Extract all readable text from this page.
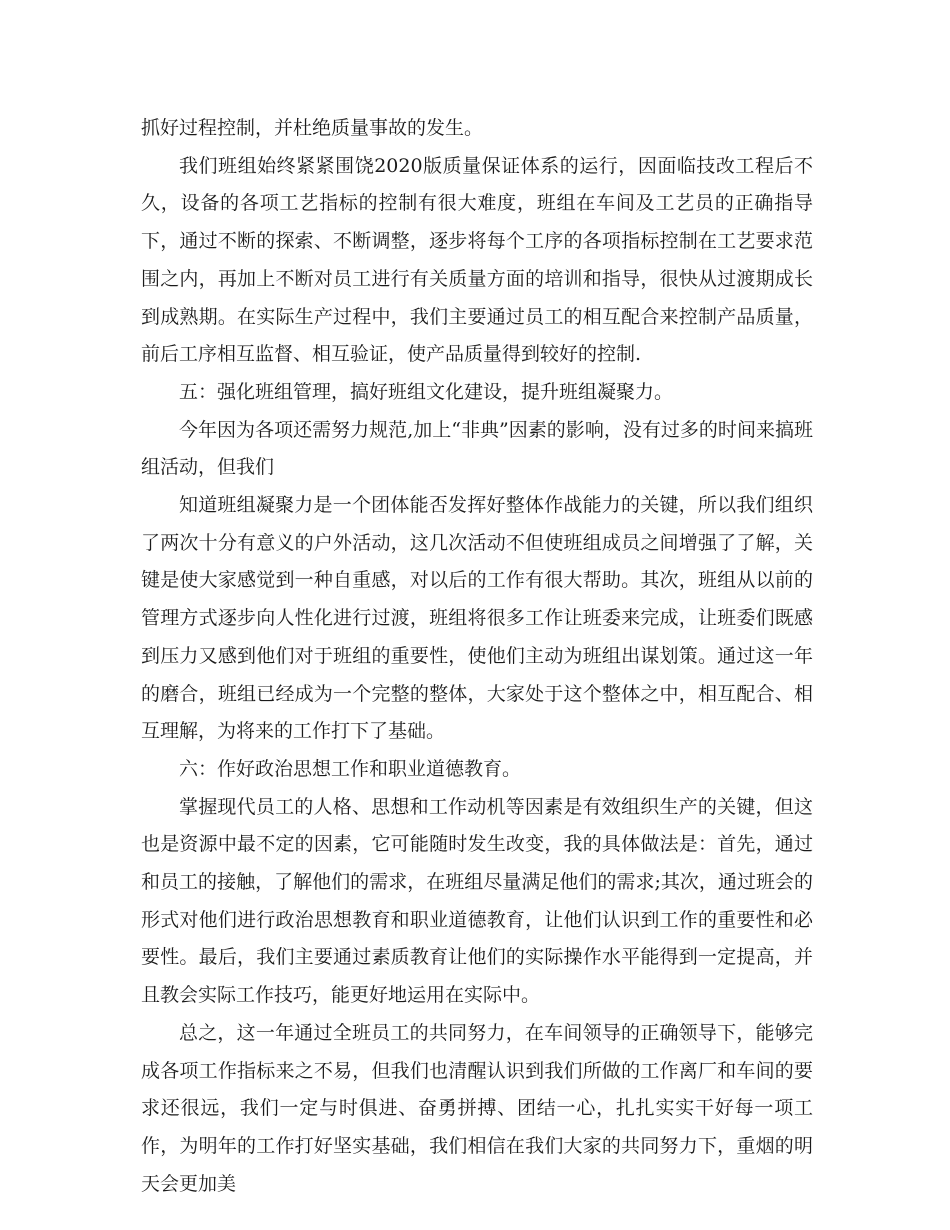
抓好过程控制，并杜绝质量事故的发生。

我们班组始终紧紧围饶2020版质量保证体系的运行，因面临技改工程后不久，设备的各项工艺指标的控制有很大难度，班组在车间及工艺员的正确指导下，通过不断的探索、不断调整，逐步将每个工序的各项指标控制在工艺要求范围之内，再加上不断对员工进行有关质量方面的培训和指导，很快从过渡期成长到成熟期。在实际生产过程中，我们主要通过员工的相互配合来控制产品质量，前后工序相互监督、相互验证，使产品质量得到较好的控制.

五：强化班组管理，搞好班组文化建设，提升班组凝聚力。

今年因为各项还需努力规范,加上“非典”因素的影响，没有过多的时间来搞班组活动，但我们

知道班组凝聚力是一个团体能否发挥好整体作战能力的关键，所以我们组织了两次十分有意义的户外活动，这几次活动不但使班组成员之间增强了了解，关键是使大家感觉到一种自重感，对以后的工作有很大帮助。其次，班组从以前的管理方式逐步向人性化进行过渡，班组将很多工作让班委来完成，让班委们既感到压力又感到他们对于班组的重要性，使他们主动为班组出谋划策。通过这一年的磨合，班组已经成为一个完整的整体，大家处于这个整体之中，相互配合、相互理解，为将来的工作打下了基础。

六：作好政治思想工作和职业道德教育。

掌握现代员工的人格、思想和工作动机等因素是有效组织生产的关键，但这也是资源中最不定的因素，它可能随时发生改变，我的具体做法是：首先，通过和员工的接触，了解他们的需求，在班组尽量满足他们的需求;其次，通过班会的形式对他们进行政治思想教育和职业道德教育，让他们认识到工作的重要性和必要性。最后，我们主要通过素质教育让他们的实际操作水平能得到一定提高，并且教会实际工作技巧，能更好地运用在实际中。

总之，这一年通过全班员工的共同努力，在车间领导的正确领导下，能够完成各项工作指标来之不易，但我们也清醒认识到我们所做的工作离厂和车间的要求还很远，我们一定与时俱进、奋勇拼搏、团结一心，扎扎实实干好每一项工作，为明年的工作打好坚实基础，我们相信在我们大家的共同努力下，重烟的明天会更加美
